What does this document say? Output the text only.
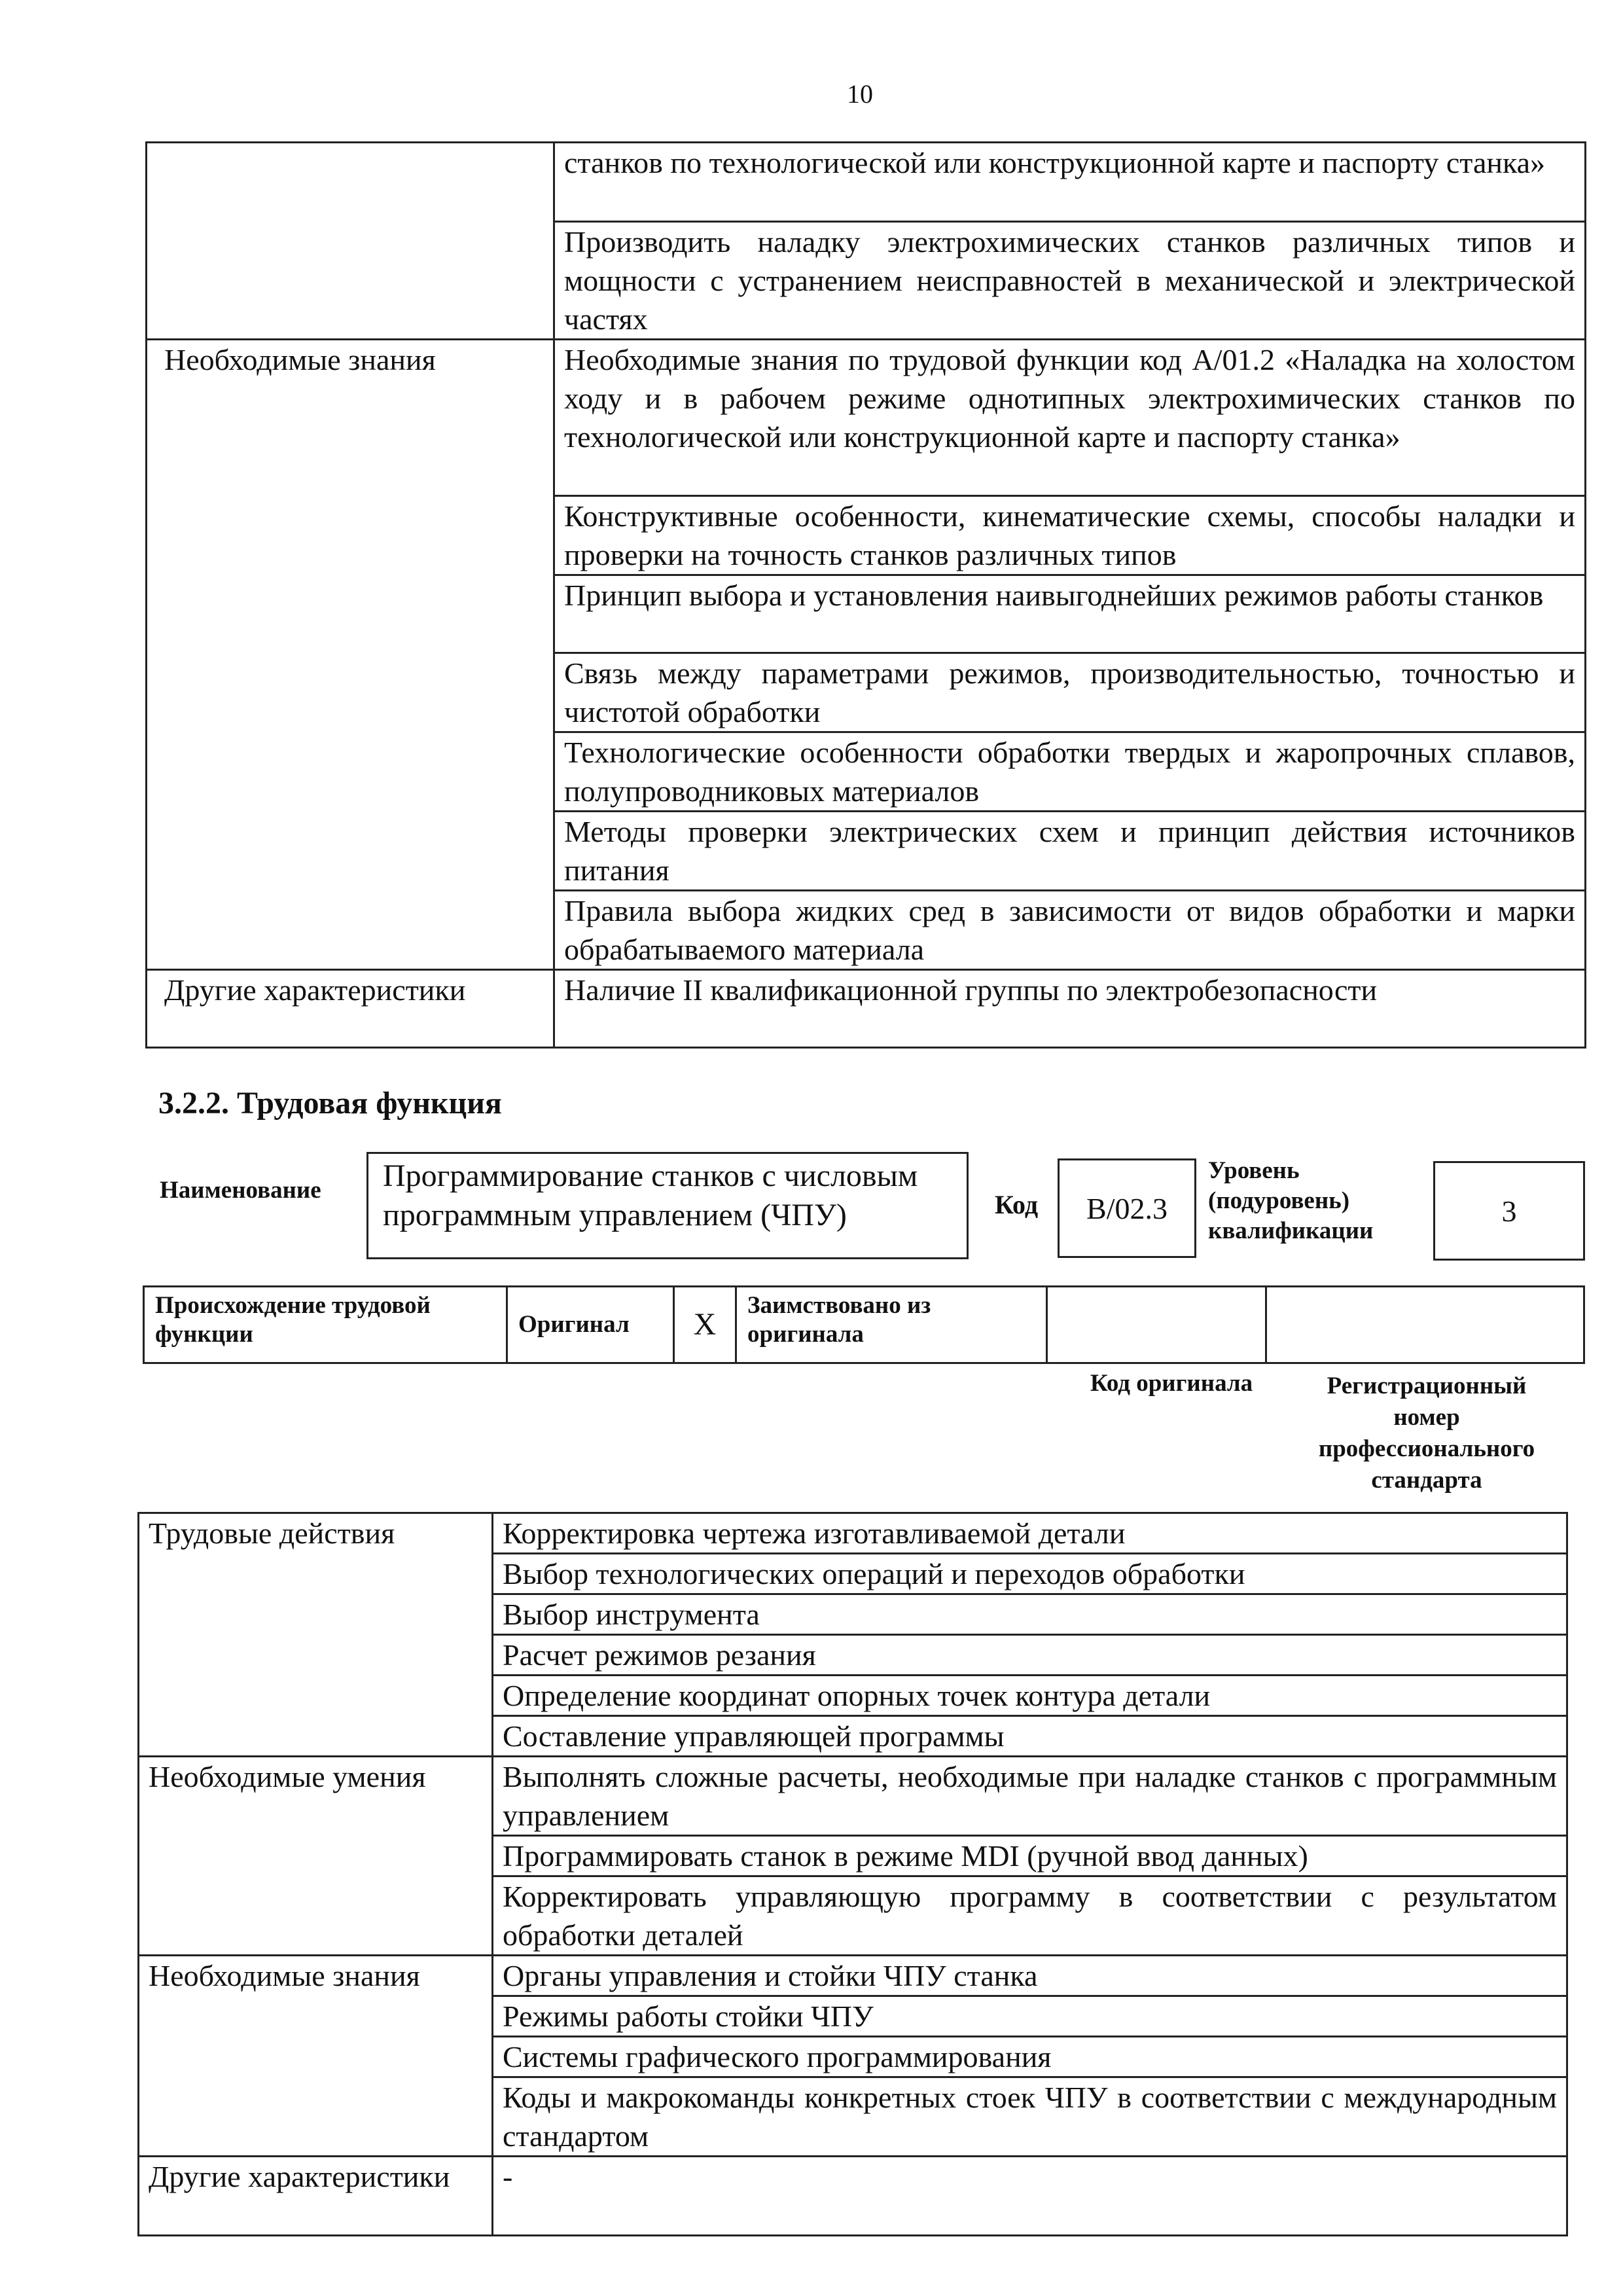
10
	станков по технологической или конструкционной карте и паспорту станка»
	Производить наладку электрохимических станков различных типов и мощности с устранением неисправностей в механической и электрической частях
Необходимые знания	Необходимые знания по трудовой функции код А/01.2 «Наладка на холостом ходу и в рабочем режиме однотипных электрохимических станков по технологической или конструкционной карте и паспорту станка»
	Конструктивные особенности, кинематические схемы, способы наладки и проверки на точность станков различных типов
	Принцип выбора и установления наивыгоднейших режимов работы станков
	Связь между параметрами режимов, производительностью, точностью и чистотой обработки
	Технологические особенности обработки твердых и жаропрочных сплавов, полупроводниковых материалов
	Методы проверки электрических схем и принцип действия источников питания
	Правила выбора жидких сред в зависимости от видов обработки и марки обрабатываемого материала
Другие характеристики	Наличие II квалификационной группы по электробезопасности
3.2.2. Трудовая функция
Наименование	Программирование станков с числовым программным управлением (ЧПУ)	Код	В/02.3
Уровень (подуровень) квалификации
3
Происхождение трудовой функции	Оригинал	X	Заимствовано из оригинала		
Код оригинала	Регистрационный номер профессионального стандарта
Трудовые действия	Корректировка чертежа изготавливаемой детали
	Выбор технологических операций и переходов обработки
	Выбор инструмента
	Расчет режимов резания
	Определение координат опорных точек контура детали
	Составление управляющей программы
Необходимые умения	Выполнять сложные расчеты, необходимые при наладке станков с программным управлением
	Программировать станок в режиме MDI (ручной ввод данных)
	Корректировать управляющую программу в соответствии с результатом обработки деталей
Необходимые знания	Органы управления и стойки ЧПУ станка
	Режимы работы стойки ЧПУ
	Системы графического программирования
	Коды и макрокоманды конкретных стоек ЧПУ в соответствии с международным стандартом
Другие характеристики	-
